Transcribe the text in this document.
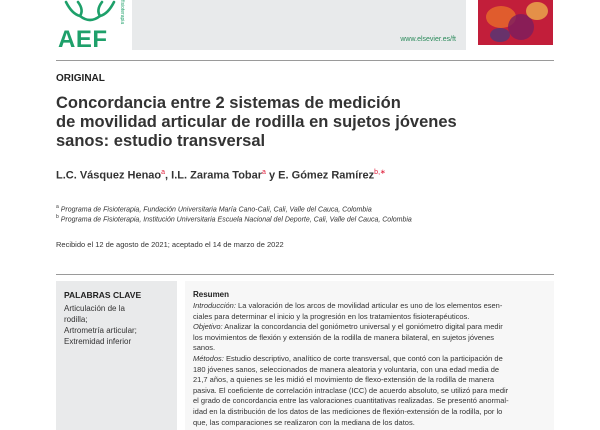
AEF
fisioterapia
www.elsevier.es/ft
ORIGINAL
Concordancia entre 2 sistemas de medición
de movilidad articular de rodilla en sujetos jóvenes
sanos: estudio transversal
L.C. Vásquez Henao$^a$, I.L. Zarama Tobar$^a$ y E. Gómez Ramírez$^{b,∗}$
$^a$ Programa de Fisioterapia, Fundación Universitaria María Cano-Cali, Cali, Valle del Cauca, Colombia
$^b$ Programa de Fisioterapia, Institución Universitaria Escuela Nacional del Deporte, Cali, Valle del Cauca, Colombia
Recibido el 12 de agosto de 2021; aceptado el 14 de marzo de 2022
PALABRAS CLAVE
Articulación de la
rodilla;
Artrometría articular;
Extremidad inferior
Resumen
Introducción: La valoración de los arcos de movilidad articular es uno de los elementos esen-
ciales para determinar el inicio y la progresión en los tratamientos fisioterapéuticos.
Objetivo: Analizar la concordancia del goniómetro universal y el goniómetro digital para medir
los movimientos de flexión y extensión de la rodilla de manera bilateral, en sujetos jóvenes
sanos.
Métodos: Estudio descriptivo, analítico de corte transversal, que contó con la participación de
180 jóvenes sanos, seleccionados de manera aleatoria y voluntaria, con una edad media de
21,7 años, a quienes se les midió el movimiento de flexo-extensión de la rodilla de manera
pasiva. El coeficiente de correlación intraclase (ICC) de acuerdo absoluto, se utilizó para medir
el grado de concordancia entre las valoraciones cuantitativas realizadas. Se presentó anormal-
idad en la distribución de los datos de las mediciones de flexión-extensión de la rodilla, por lo
que, las comparaciones se realizaron con la mediana de los datos.
